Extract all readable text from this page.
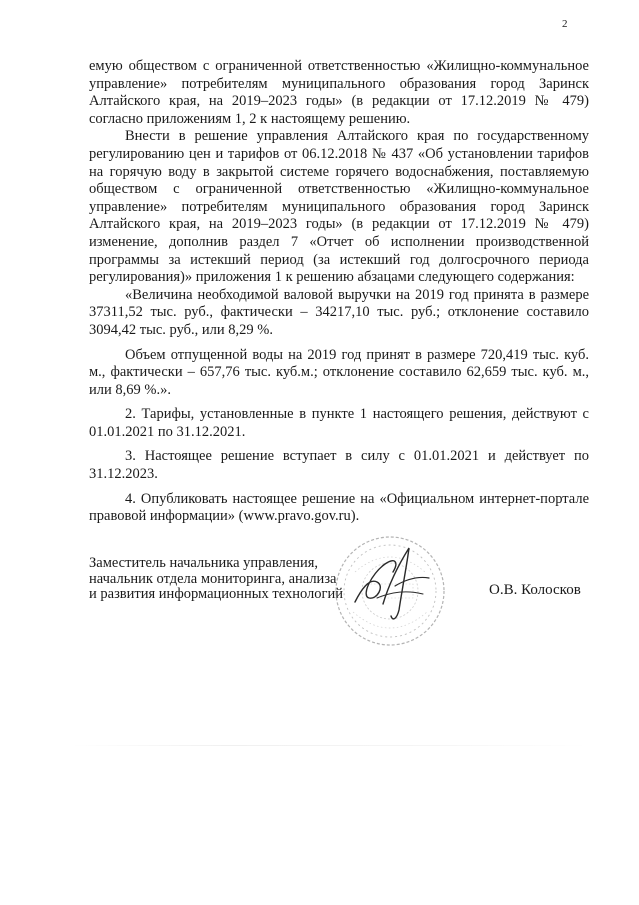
2

емую обществом с ограниченной ответственностью «Жилищно-коммунальное управление» потребителям муниципального образования город Заринск Алтайского края, на 2019–2023 годы» (в редакции от 17.12.2019 № 479) согласно приложениям 1, 2 к настоящему решению.

Внести в решение управления Алтайского края по государственному регулированию цен и тарифов от 06.12.2018 № 437 «Об установлении тарифов на горячую воду в закрытой системе горячего водоснабжения, поставляемую обществом с ограниченной ответственностью «Жилищно-коммунальное управление» потребителям муниципального образования город Заринск Алтайского края, на 2019–2023 годы» (в редакции от 17.12.2019 № 479) изменение, дополнив раздел 7 «Отчет об исполнении производственной программы за истекший период (за истекший год долгосрочного периода регулирования)» приложения 1 к решению абзацами следующего содержания:

«Величина необходимой валовой выручки на 2019 год принята в размере 37311,52 тыс. руб., фактически – 34217,10 тыс. руб.; отклонение составило 3094,42 тыс. руб., или 8,29 %.

Объем отпущенной воды на 2019 год принят в размере 720,419 тыс. куб. м., фактически – 657,76 тыс. куб.м.; отклонение составило 62,659 тыс. куб. м., или 8,69 %.».

2. Тарифы, установленные в пункте 1 настоящего решения, действуют с 01.01.2021 по 31.12.2021.

3. Настоящее решение вступает в силу с 01.01.2021 и действует по 31.12.2023.

4. Опубликовать настоящее решение на «Официальном интернет-портале правовой информации» (www.pravo.gov.ru).

Заместитель начальника управления,
начальник отдела мониторинга, анализа
и развития информационных технологий	О.В. Колосков
